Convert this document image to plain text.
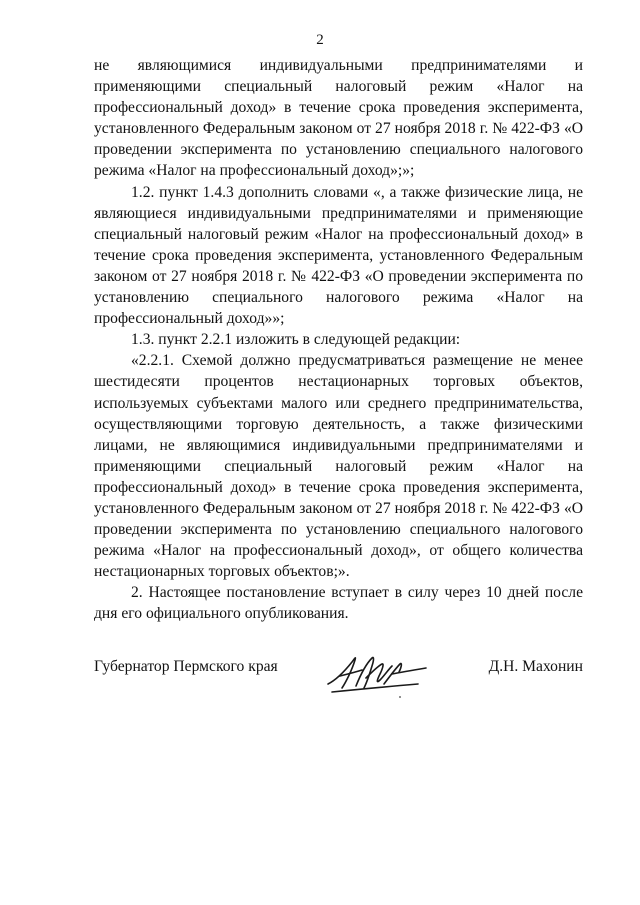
2

не являющимися индивидуальными предпринимателями и применяющими специальный налоговый режим «Налог на профессиональный доход» в течение срока проведения эксперимента, установленного Федеральным законом от 27 ноября 2018 г. № 422-ФЗ «О проведении эксперимента по установлению специального налогового режима «Налог на профессиональный доход»;»;

1.2. пункт 1.4.3 дополнить словами «, а также физические лица, не являющиеся индивидуальными предпринимателями и применяющие специальный налоговый режим «Налог на профессиональный доход» в течение срока проведения эксперимента, установленного Федеральным законом от 27 ноября 2018 г. № 422-ФЗ «О проведении эксперимента по установлению специального налогового режима «Налог на профессиональный доход»»;

1.3. пункт 2.2.1 изложить в следующей редакции:

«2.2.1. Схемой должно предусматриваться размещение не менее шестидесяти процентов нестационарных торговых объектов, используемых субъектами малого или среднего предпринимательства, осуществляющими торговую деятельность, а также физическими лицами, не являющимися индивидуальными предпринимателями и применяющими специальный налоговый режим «Налог на профессиональный доход» в течение срока проведения эксперимента, установленного Федеральным законом от 27 ноября 2018 г. № 422-ФЗ «О проведении эксперимента по установлению специального налогового режима «Налог на профессиональный доход», от общего количества нестационарных торговых объектов;».

2. Настоящее постановление вступает в силу через 10 дней после дня его официального опубликования.

Губернатор Пермского края	Д.Н. Махонин
